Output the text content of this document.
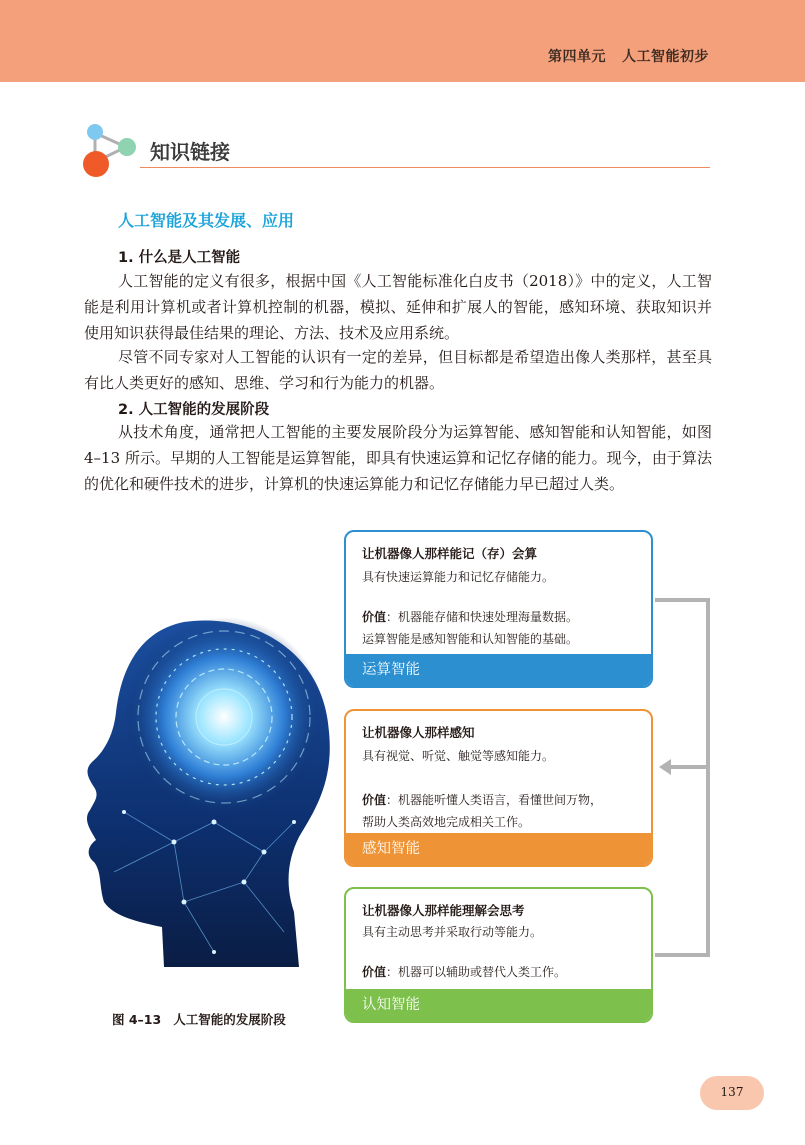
第四单元 人工智能初步
知识链接
人工智能及其发展、应用
1. 什么是人工智能

人工智能的定义有很多，根据中国《人工智能标准化白皮书（2018）》中的定义，人工智能是利用计算机或者计算机控制的机器，模拟、延伸和扩展人的智能，感知环境、获取知识并使用知识获得最佳结果的理论、方法、技术及应用系统。

尽管不同专家对人工智能的认识有一定的差异，但目标都是希望造出像人类那样，甚至具有比人类更好的感知、思维、学习和行为能力的机器。

2. 人工智能的发展阶段

从技术角度，通常把人工智能的主要发展阶段分为运算智能、感知智能和认知智能，如图 4–13 所示。早期的人工智能是运算智能，即具有快速运算和记忆存储的能力。现今，由于算法的优化和硬件技术的进步，计算机的快速运算能力和记忆存储能力早已超过人类。

图 4–13 人工智能的发展阶段
让机器像人那样能记（存）会算
具有快速运算能力和记忆存储能力。
价值：机器能存储和快速处理海量数据。
运算智能是感知智能和认知智能的基础。
运算智能
让机器像人那样感知
具有视觉、听觉、触觉等感知能力。
价值：机器能听懂人类语言，看懂世间万物，
帮助人类高效地完成相关工作。
感知智能
让机器像人那样能理解会思考
具有主动思考并采取行动等能力。
价值：机器可以辅助或替代人类工作。
认知智能
137
